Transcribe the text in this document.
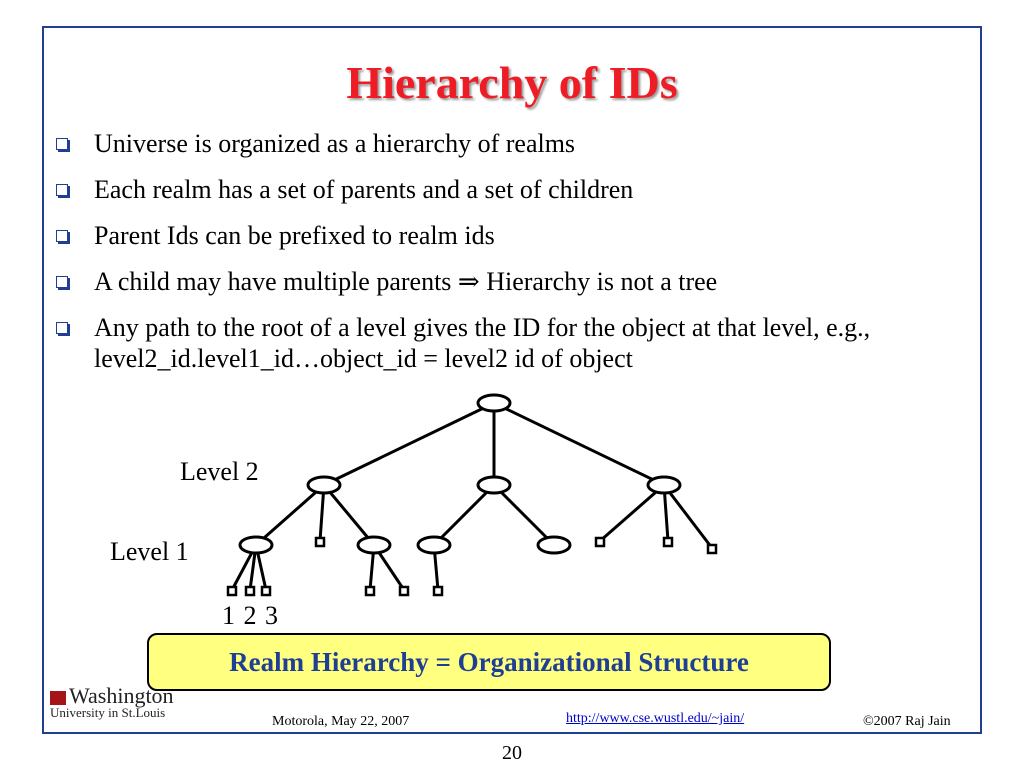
Hierarchy of IDs
Universe is organized as a hierarchy of realms
Each realm has a set of parents and a set of children
Parent Ids can be prefixed to realm ids
A child may have multiple parents ⇒ Hierarchy is not a tree
Any path to the root of a level gives the ID for the object at that level, e.g., level2_id.level1_id…object_id = level2 id of object
Level 2
Level 1
1 2 3
Realm Hierarchy = Organizational Structure
Washington
University in St.Louis
Motorola, May 22, 2007	http://www.cse.wustl.edu/~jain/	©2007 Raj Jain
20
